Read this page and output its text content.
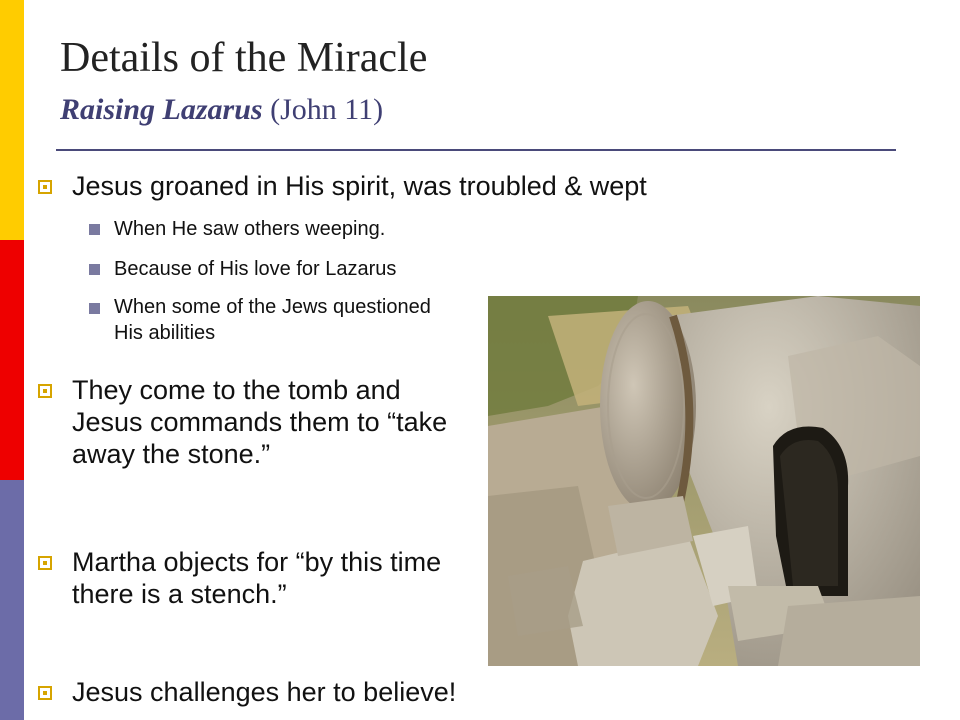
Details of the Miracle
Raising Lazarus (John 11)
Jesus groaned in His spirit, was troubled & wept
When He saw others weeping.
Because of His love for Lazarus
When some of the Jews questioned His abilities
They come to the tomb and Jesus commands them to “take away the stone.”
Martha objects for “by this time there is a stench.”
Jesus challenges her to believe!
